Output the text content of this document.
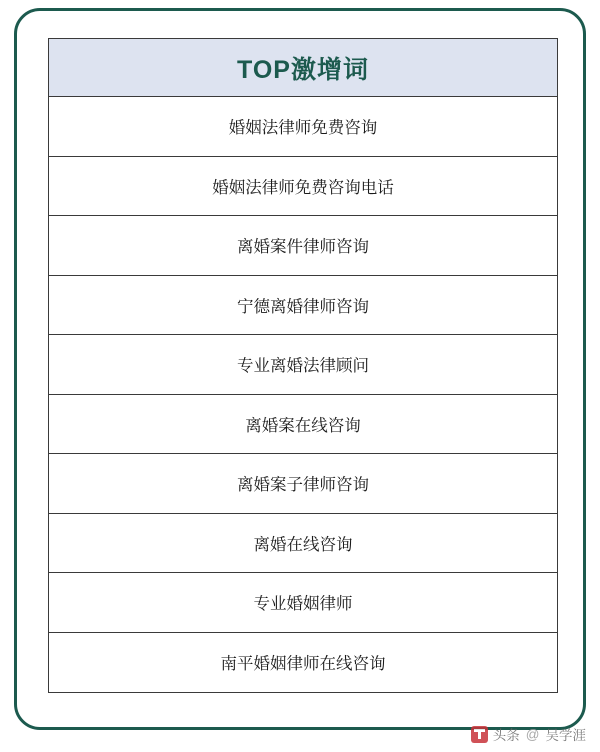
TOP激增词
婚姻法律师免费咨询
婚姻法律师免费咨询电话
离婚案件律师咨询
宁德离婚律师咨询
专业离婚法律顾问
离婚案在线咨询
离婚案子律师咨询
离婚在线咨询
专业婚姻律师
南平婚姻律师在线咨询
头条 @ 吴学涯
